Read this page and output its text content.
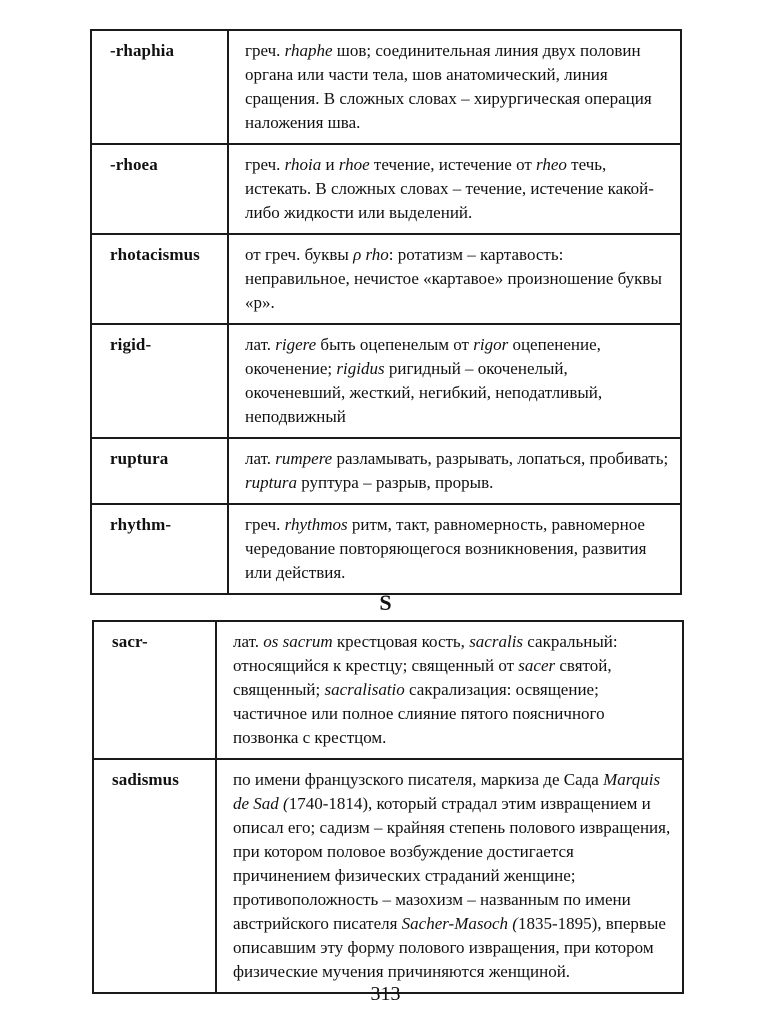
-rhaphia	греч. rhaphe шов; соединительная линия двух половин органа или части тела, шов анатомический, линия сращения. В сложных словах – хирургическая операция наложения шва.
-rhoea	греч. rhoia и rhoe течение, истечение от rheo течь, истекать. В сложных словах – течение, истечение какой-либо жидкости или выделений.
rhotacismus	от греч. буквы ρ rho: ротатизм – картавость: неправильное, нечистое «картавое» произношение буквы «р».
rigid-	лат. rigere быть оцепенелым от rigor оцепенение, окоченение; rigidus ригидный – окоченелый, окоченевший, жесткий, негибкий, неподатливый, неподвижный
ruptura	лат. rumpere разламывать, разрывать, лопаться, пробивать; ruptura руптура – разрыв, прорыв.
rhythm-	греч. rhythmos ритм, такт, равномерность, равномерное чередование повторяющегося возникновения, развития или действия.
S
sacr-	лат. os sacrum крестцовая кость, sacralis сакральный: относящийся к крестцу; священный от sacer святой, священный; sacralisatio сакрализация: освящение; частичное или полное слияние пятого поясничного позвонка с крестцом.
sadismus	по имени французского писателя, маркиза де Сада Marquis de Sad (1740-1814), который страдал этим извращением и описал его; садизм – крайняя степень полового извращения, при котором половое возбуждение достигается причинением физических страданий женщине; противоположность – мазохизм – названным по имени австрийского писателя Sacher-Masoch (1835-1895), впервые описавшим эту форму полового извращения, при котором физические мучения причиняются женщиной.
313
